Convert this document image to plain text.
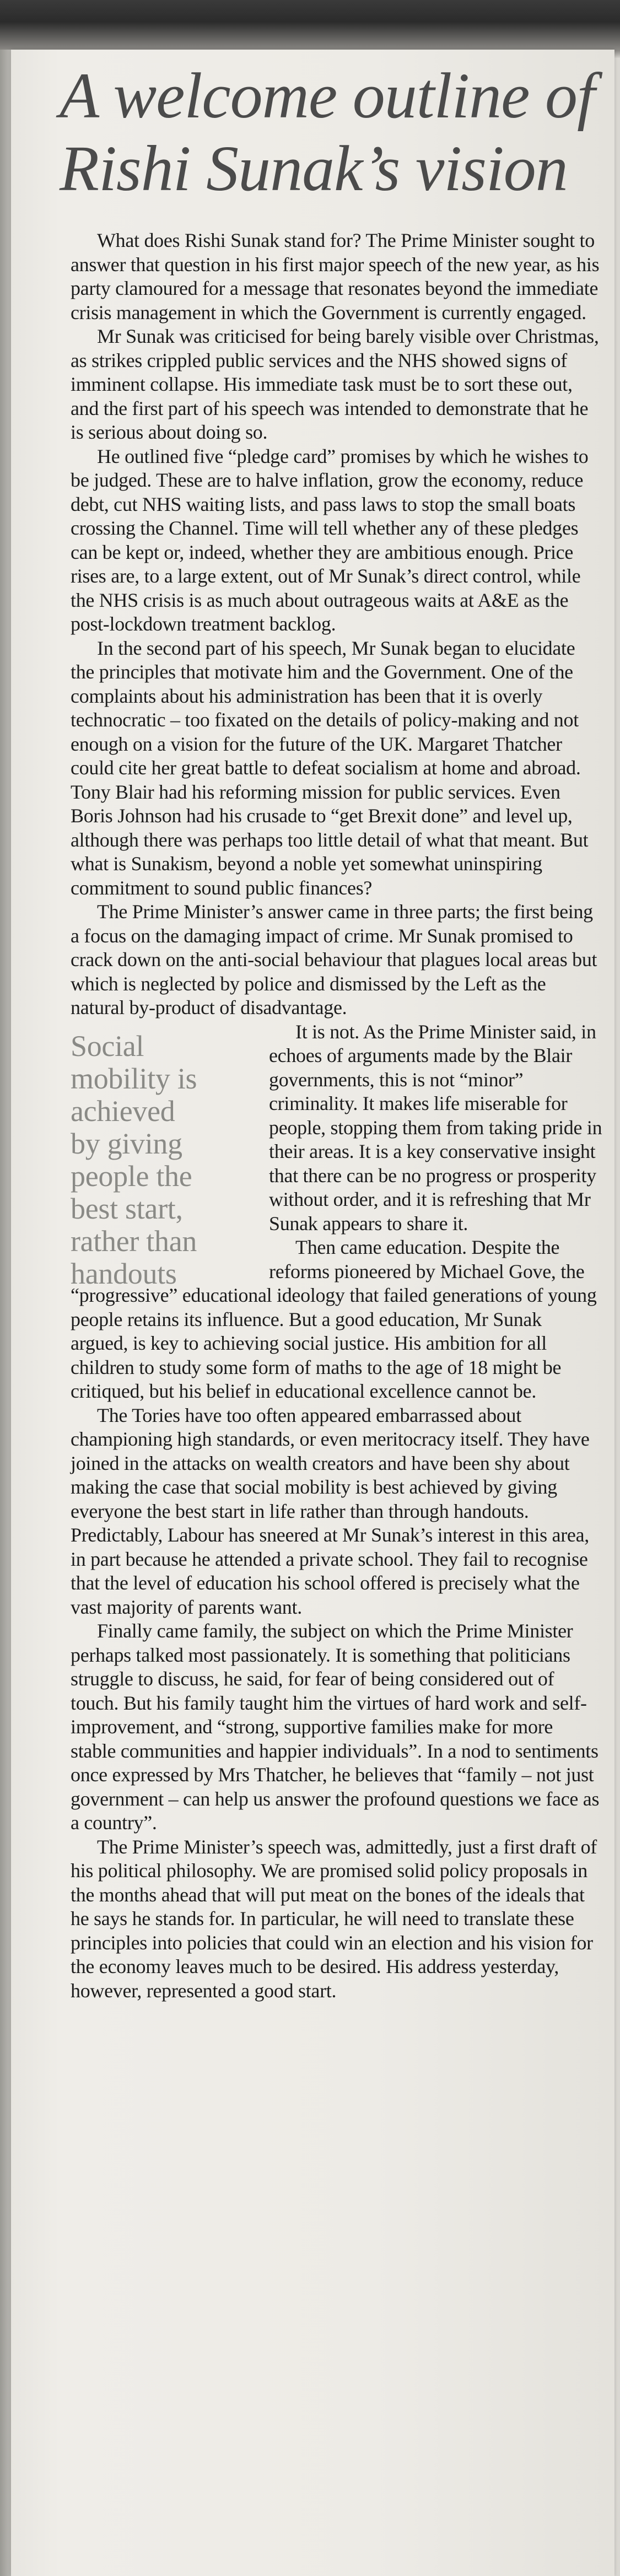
A welcome outline of
Rishi Sunak’s vision

What does Rishi Sunak stand for? The Prime Minister sought to answer that question in his first major speech of the new year, as his party clamoured for a message that resonates beyond the immediate crisis management in which the Government is currently engaged.

Mr Sunak was criticised for being barely visible over Christmas, as strikes crippled public services and the NHS showed signs of imminent collapse. His immediate task must be to sort these out, and the first part of his speech was intended to demonstrate that he is serious about doing so.

He outlined five “pledge card” promises by which he wishes to be judged. These are to halve inflation, grow the economy, reduce debt, cut NHS waiting lists, and pass laws to stop the small boats crossing the Channel. Time will tell whether any of these pledges can be kept or, indeed, whether they are ambitious enough. Price rises are, to a large extent, out of Mr Sunak’s direct control, while the NHS crisis is as much about outrageous waits at A&E as the post-lockdown treatment backlog.

In the second part of his speech, Mr Sunak began to elucidate the principles that motivate him and the Government. One of the complaints about his administration has been that it is overly technocratic – too fixated on the details of policy-making and not enough on a vision for the future of the UK. Margaret Thatcher could cite her great battle to defeat socialism at home and abroad. Tony Blair had his reforming mission for public services. Even Boris Johnson had his crusade to “get Brexit done” and level up, although there was perhaps too little detail of what that meant. But what is Sunakism, beyond a noble yet somewhat uninspiring commitment to sound public finances?

The Prime Minister’s answer came in three parts; the first being a focus on the damaging impact of crime. Mr Sunak promised to crack down on the anti-social behaviour that plagues local areas but which is neglected by police and dismissed by the Left as the natural by-product of disadvantage.

Social
mobility is
achieved
by giving
people the
best start,
rather than
handouts

It is not. As the Prime Minister said, in echoes of arguments made by the Blair governments, this is not “minor” criminality. It makes life miserable for people, stopping them from taking pride in their areas. It is a key conservative insight that there can be no progress or prosperity without order, and it is refreshing that Mr Sunak appears to share it.

Then came education. Despite the reforms pioneered by Michael Gove, the “progressive” educational ideology that failed generations of young people retains its influence. But a good education, Mr Sunak argued, is key to achieving social justice. His ambition for all children to study some form of maths to the age of 18 might be critiqued, but his belief in educational excellence cannot be.

The Tories have too often appeared embarrassed about championing high standards, or even meritocracy itself. They have joined in the attacks on wealth creators and have been shy about making the case that social mobility is best achieved by giving everyone the best start in life rather than through handouts. Predictably, Labour has sneered at Mr Sunak’s interest in this area, in part because he attended a private school. They fail to recognise that the level of education his school offered is precisely what the vast majority of parents want.

Finally came family, the subject on which the Prime Minister perhaps talked most passionately. It is something that politicians struggle to discuss, he said, for fear of being considered out of touch. But his family taught him the virtues of hard work and self-improvement, and “strong, supportive families make for more stable communities and happier individuals”. In a nod to sentiments once expressed by Mrs Thatcher, he believes that “family – not just government – can help us answer the profound questions we face as a country”.

The Prime Minister’s speech was, admittedly, just a first draft of his political philosophy. We are promised solid policy proposals in the months ahead that will put meat on the bones of the ideals that he says he stands for. In particular, he will need to translate these principles into policies that could win an election and his vision for the economy leaves much to be desired. His address yesterday, however, represented a good start.
